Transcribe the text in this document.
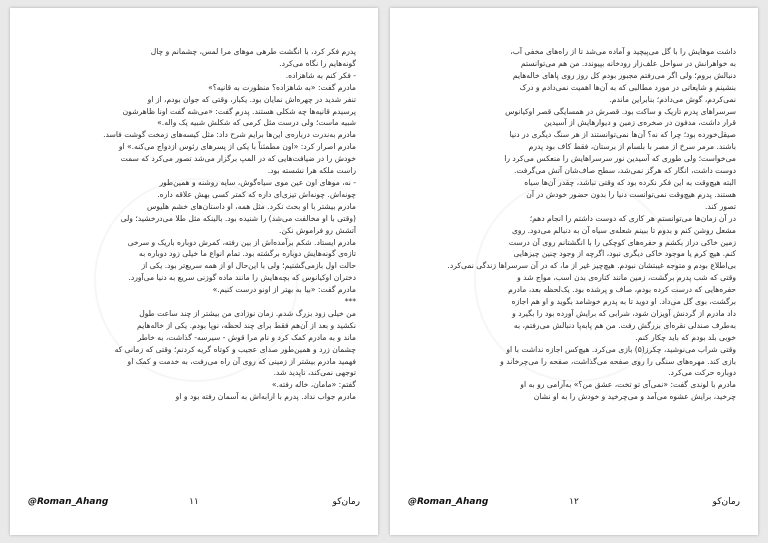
پدرم فکر کرد، با انگشت طرهی موهای مرا لمس، چشمانم و چال
گونه‌هایم را نگاه می‌کرد.
- فکر کنم به شاهزاده.
مادرم گفت: «به شاهزاده؟ منظورت به قانیه؟»
تنفر شدید در چهره‌اش نمایان بود. یکبار، وقتی که جوان بودم، از او
پرسیدم قانیه‌ها چه شکلی هستند. پدرم گفت: «می‌شه گفت اونا ظاهرشون
شبیه ماست؛ ولی درست مثل کرمی که شکلش شبیه یک واله.»
مادرم به‌ندرت درباره‌ی این‌ها برایم شرح داد: مثل کیسه‌های زمخت گوشت فاسد.
مادرم اصرار کرد: «اون مطمئناً با یکی از پسرهای رئوس ازدواج می‌کنه.» او
خودش را در ضیافت‌هایی که در المپ برگزار می‌شد تصور می‌کرد که سمت
راست ملکه هرا نشسته بود.
- نه، موهای اون عین موی سیاه‌گوش، سایه روشنه و همین‌طور
چونه‌اش. چونه‌اش تیزی‌ای داره که کمتر کسی بهش علاقه داره.
مادرم بیشتر با او بحث نکرد. مثل همه، او داستان‌های خشم هلیوس
(وقتی با او مخالفت می‌شد) را شنیده بود. بالینکه مثل طلا می‌درخشید؛ ولی
آتشش رو فراموش نکن.
مادرم ایستاد. شکم برآمده‌اش از بین رفته، کمرش دوباره باریک و سرخی
تازه‌ی گونه‌هایش دوباره برگشته بود. تمام انواع ما خیلی زود دوباره به
حالت اول بازمی‌گشتیم؛ ولی با این‌حال او از همه سریع‌تر بود. یکی از
دختران اوکیانوس که بچه‌هایش را مانند ماده گوزنی سریع به دنیا می‌آورد.
مادرم گفت: «بیا به بهتر از اونو درست کنیم.»
***
من خیلی زود بزرگ شدم. زمان نوزادی من بیشتر از چند ساعت طول
نکشید و بعد از آن‌هم فقط برای چند لحظه، نوپا بودم. یکی از خاله‌هایم
ماند و به مادرم کمک کرد و نام مرا قوش - سیرسه- گذاشت، به خاطر
چشمان زرد و همین‌طور صدای عجیب و کوتاه گریه کردنم؛ وقتی که زمانی که
فهمید مادرم بیشتر از زمینی که روی آن راه می‌رفت، به خدمت و کمک او
توجهی نمی‌کند، ناپدید شد.
گفتم: «مامان، خاله رفته.»
مادرم جواب نداد. پدرم با ارابه‌اش به آسمان رفته بود و او
@Roman_Ahang	۱۱	رمان‌کو
داشت موهایش را با گل می‌پیچید و آماده می‌شد تا از راه‌های مخفی آب،
به خواهرانش در سواحل علف‌زار رودخانه بپیوندد. من هم می‌توانستم
دنبالش بروم؛ ولی اگر می‌رفتم مجبور بودم کل روز روی پاهای خاله‌هایم
بنشینم و شایعاتی در مورد مطالبی که به آن‌ها اهمیت نمی‌دادم و درک
نمی‌کردم، گوش می‌دادم؛ بنابراین ماندم.
سرسراهای پدرم تاریک و ساکت بود. قصرش در همسایگی قصر اوکیانوس
قرار داشت، مدفون در صخره‌ی زمین و دیوارهایش از آسیدین
صیقل‌خورده بود؛ چرا که نه؟ آن‌ها نمی‌توانستند از هر سنگ دیگری در دنیا
باشند. مرمر سرخ از مصر با بلسام از برستان، فقط کاف بود پدرم
می‌خواست؛ ولی طوری که آسیدین نور سرسراهایش را منعکس می‌کرد را
دوست داشت، انگار که هرگز نمی‌شد، سطح صاف‌شان آتش می‌گرفت.
البته هیچ‌وقت به این فکر نکرده بود که وقتی نباشد، چقدر آن‌ها سیاه
هستند. پدرم هیچ‌وقت نمی‌توانست دنیا را بدون حضور خودش در آن
تصور کند.
در آن زمان‌ها می‌توانستم هر کاری که دوست داشتم را انجام دهم؛
مشعل روشن کنم و بدوم تا ببینم شعله‌ی سیاه آن به دنبالم می‌دود. روی
زمین خاکی دراز بکشم و حفره‌های کوچکی را با انگشتانم روی آن درست
کنم. هیچ کرم یا موجود خاکی دیگری نبود، اگرچه از وجود چنین چیزهایی
بی‌اطلاع بودم و متوجه غیبتشان نبودم. هیچ‌چیز غیر از ما، که در آن سرسراها زندگی نمی‌کرد.
وقتی که شب پدرم برگشت، زمین مانند کناره‌ی بدن اسب، مواج شد و
حفره‌هایی که درست کرده بودم، صاف و پرشده بود. یک‌لحظه بعد، مادرم
برگشت، بوی گل می‌داد. او دوید تا به پدرم خوشامد بگوید و او هم اجازه
داد مادرم از گردنش آویزان شود، شرابی که برایش آورده بود را بگیرد و
به‌طرف صندلی نقره‌ای بزرگش رفت. من هم پابه‌پا دنبالش می‌رفتم، به
خوبی بلد بودم که باید چکار کنم.
وقتی شراب می‌نوشید، چکرز(۵) بازی می‌کرد. هیچ‌کس اجازه نداشت با او
بازی کند. مهره‌های سنگی را روی صفحه می‌گذاشت، صفحه را می‌چرخاند و
دوباره حرکت می‌کرد.
مادرم با لوندی گفت: «نمی‌آی تو تخت، عشق من؟» به‌آرامی رو به او
چرخید، برایش عشوه می‌آمد و می‌چرخید و خودش را به او نشان
@Roman_Ahang	۱۲	رمان‌کو
